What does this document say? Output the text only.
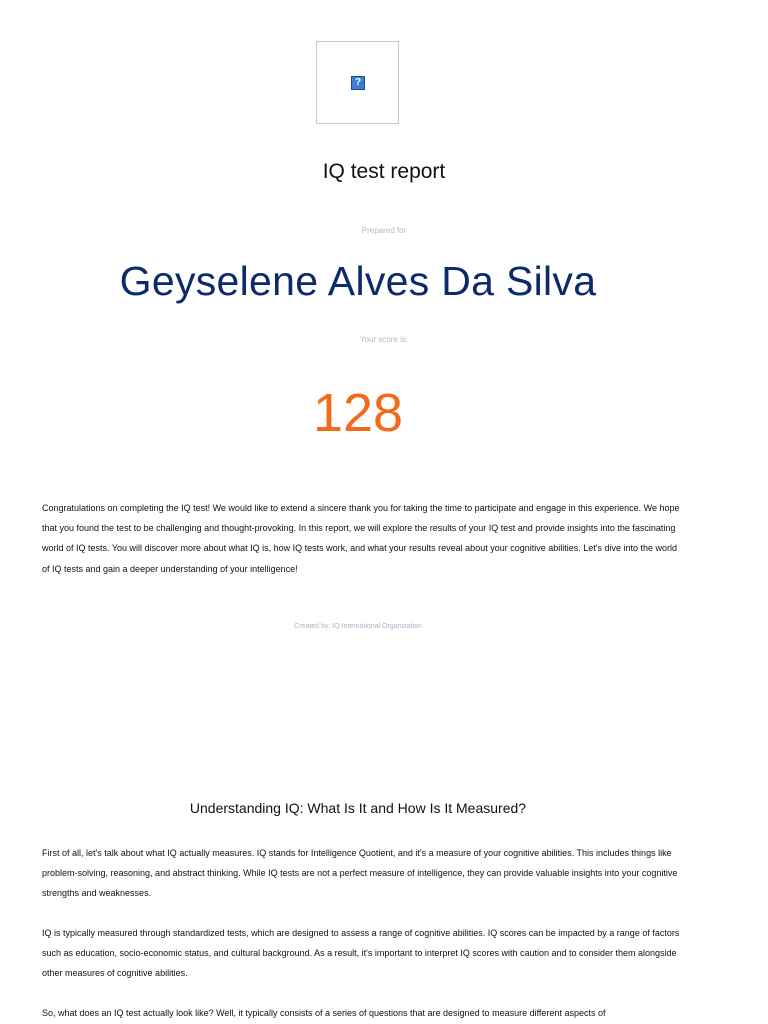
?
IQ test report
Prepared for
Geyselene Alves Da Silva
Your score is:
128

Congratulations on completing the IQ test! We would like to extend a sincere thank you for taking the time to participate and engage in this experience. We hope that you found the test to be challenging and thought-provoking. In this report, we will explore the results of your IQ test and provide insights into the fascinating world of IQ tests. You will discover more about what IQ is, how IQ tests work, and what your results reveal about your cognitive abilities. Let's dive into the world of IQ tests and gain a deeper understanding of your intelligence!

Created by: IQ International Organization
Understanding IQ: What Is It and How Is It Measured?

First of all, let's talk about what IQ actually measures. IQ stands for Intelligence Quotient, and it's a measure of your cognitive abilities. This includes things like problem-solving, reasoning, and abstract thinking. While IQ tests are not a perfect measure of intelligence, they can provide valuable insights into your cognitive strengths and weaknesses.

IQ is typically measured through standardized tests, which are designed to assess a range of cognitive abilities. IQ scores can be impacted by a range of factors such as education, socio-economic status, and cultural background. As a result, it's important to interpret IQ scores with caution and to consider them alongside other measures of cognitive abilities.

So, what does an IQ test actually look like? Well, it typically consists of a series of questions that are designed to measure different aspects of
